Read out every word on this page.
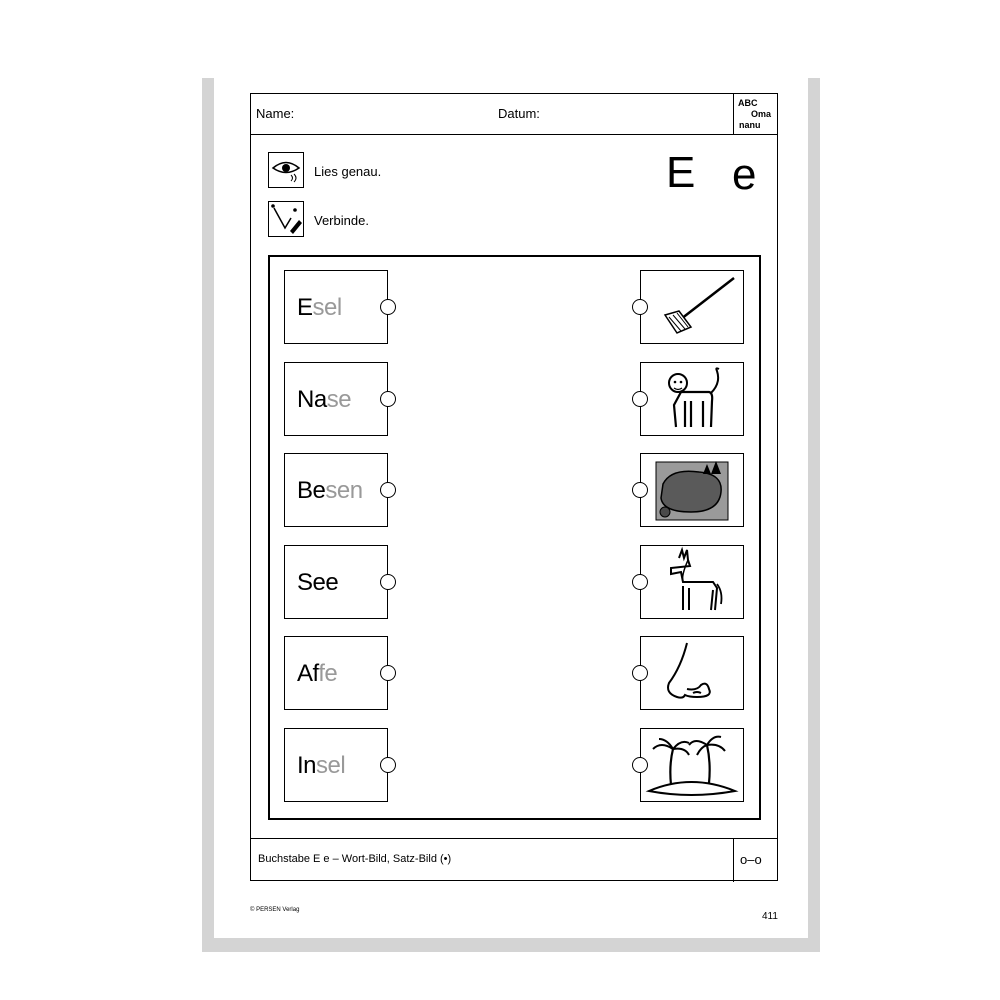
Name:	Datum:
ABC
Oma
nanu
Lies genau.
Verbinde.
E e
Esel
Nase
Besen
See
Affe
Insel
Buchstabe E e – Wort-Bild, Satz-Bild (•)	o–o
© PERSEN Verlag
411
